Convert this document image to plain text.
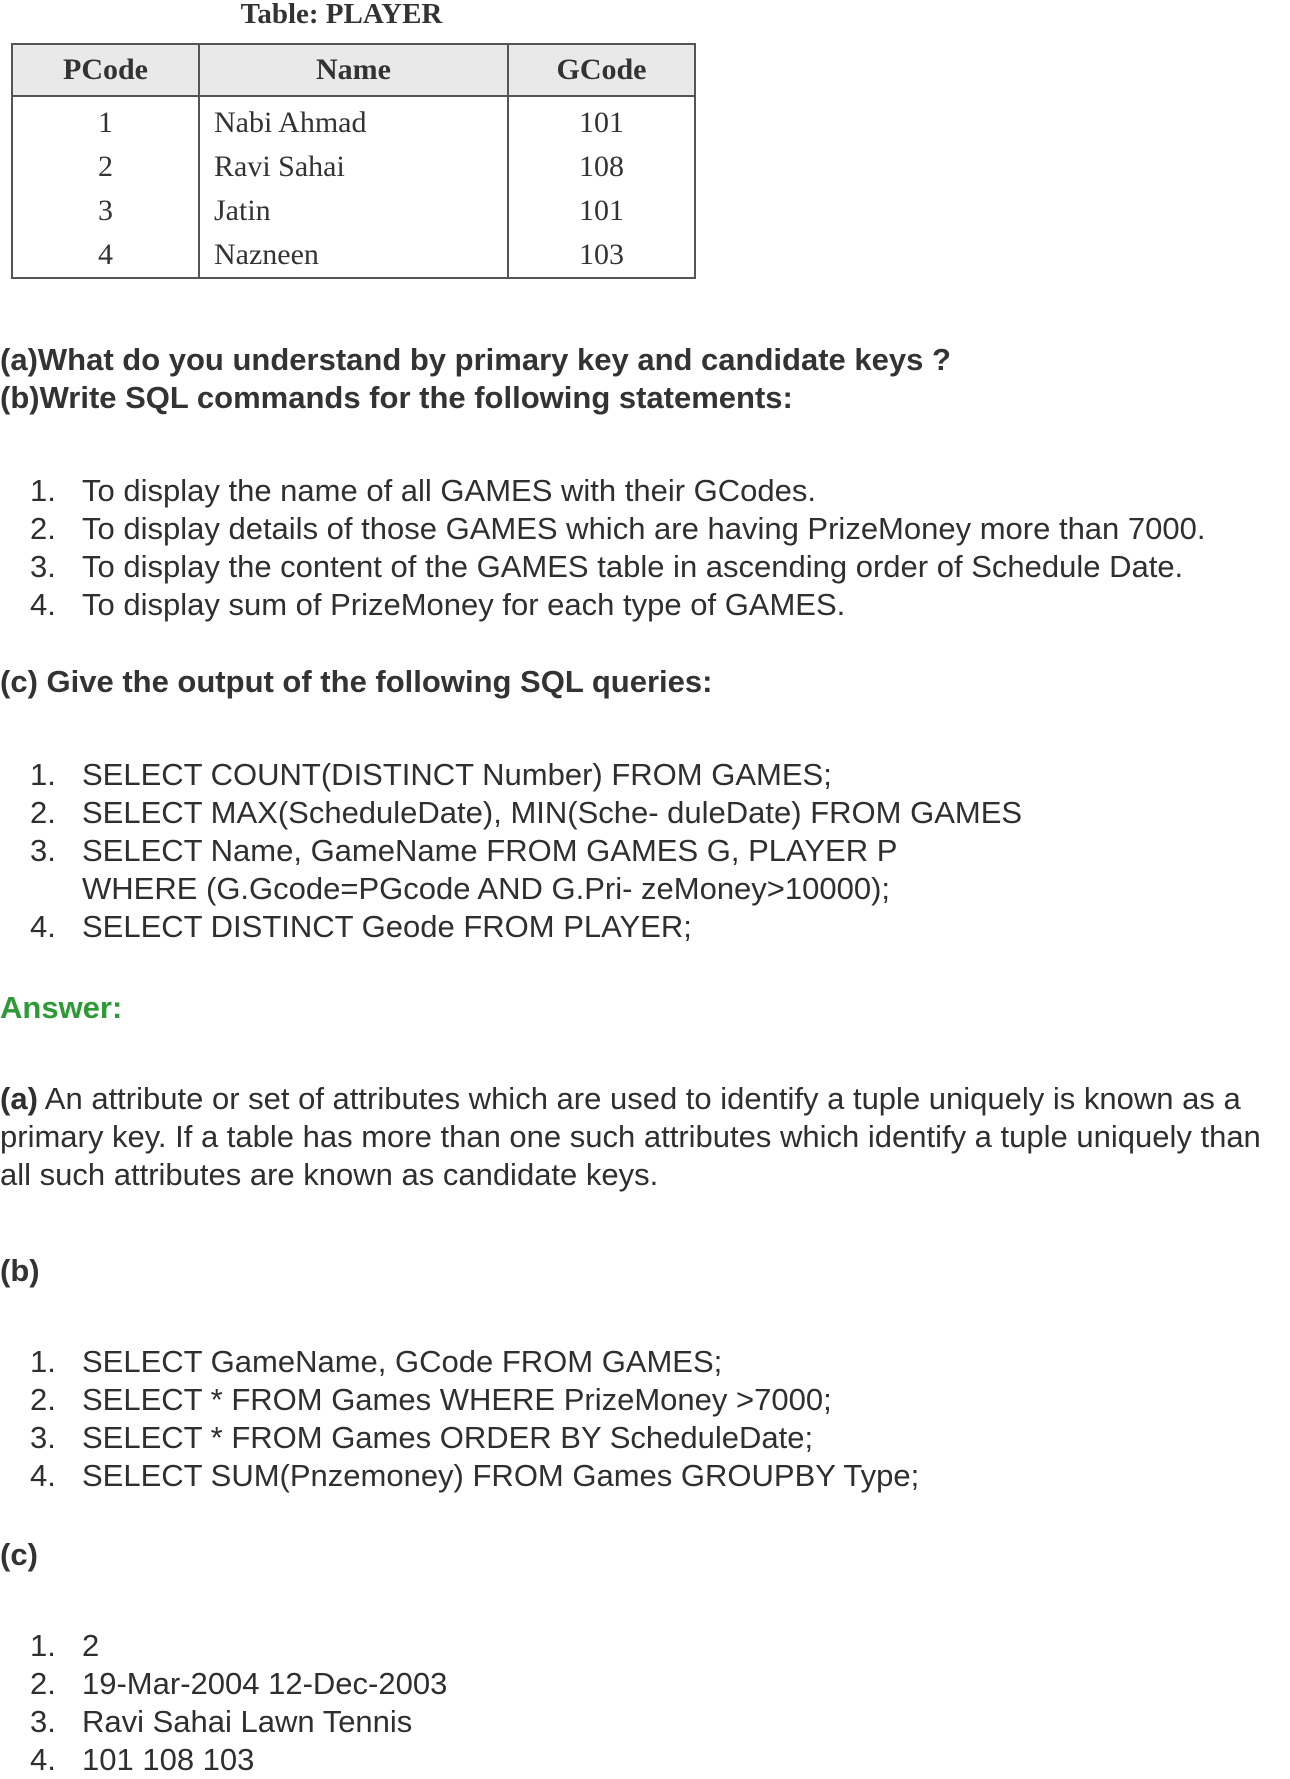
Table: PLAYER
PCode	Name	GCode
1	Nabi Ahmad	101
2	Ravi Sahai	108
3	Jatin	101
4	Nazneen	103
(a)What do you understand by primary key and candidate keys ?
(b)Write SQL commands for the following statements:
1. To display the name of all GAMES with their GCodes.
2. To display details of those GAMES which are having PrizeMoney more than 7000.
3. To display the content of the GAMES table in ascending order of Schedule Date.
4. To display sum of PrizeMoney for each type of GAMES.
(c) Give the output of the following SQL queries:
1. SELECT COUNT(DISTINCT Number) FROM GAMES;
2. SELECT MAX(ScheduleDate), MIN(Sche- duleDate) FROM GAMES
3. SELECT Name, GameName FROM GAMES G, PLAYER P
WHERE (G.Gcode=PGcode AND G.Pri- zeMoney>10000);
4. SELECT DISTINCT Geode FROM PLAYER;
Answer:
(a) An attribute or set of attributes which are used to identify a tuple uniquely is known as a primary key. If a table has more than one such attributes which identify a tuple uniquely than all such attributes are known as candidate keys.
(b)
1. SELECT GameName, GCode FROM GAMES;
2. SELECT * FROM Games WHERE PrizeMoney >7000;
3. SELECT * FROM Games ORDER BY ScheduleDate;
4. SELECT SUM(Pnzemoney) FROM Games GROUPBY Type;
(c)
1. 2
2. 19-Mar-2004 12-Dec-2003
3. Ravi Sahai Lawn Tennis
4. 101 108 103
